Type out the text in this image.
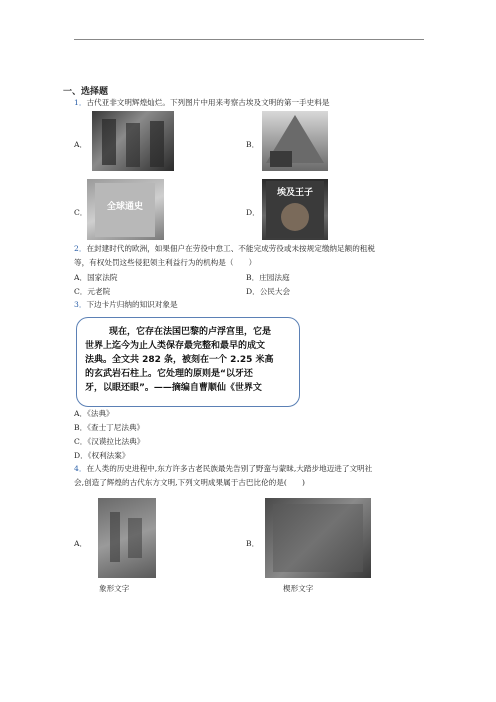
一、选择题
1．古代亚非文明辉煌灿烂。下列图片中用来考察古埃及文明的第一手史料是
A．	B．
C．
全球通史
D．
埃及王子
2．在封建时代的欧洲，如果佃户在劳役中怠工、不能完成劳役或未按规定缴纳足额的租税
等，有权处罚这些侵犯领主利益行为的机构是（　　）
A．国家法院	B．庄园法庭
C．元老院	D．公民大会
3．下边卡片归纳的知识对象是
现在，它存在法国巴黎的卢浮宫里，它是
世界上迄今为止人类保存最完整和最早的成文
法典。全文共 282 条，被刻在一个 2.25 米高
的玄武岩石柱上。它处理的原则是“以牙还
牙，以眼还眼”。——摘编自曹顺仙《世界文
A．《法典》
B．《查士丁尼法典》
C．《汉谟拉比法典》
D．《权利法案》
4．在人类的历史进程中,东方许多古老民族最先告别了野蛮与蒙昧,大踏步地迈进了文明社
会,创造了辉煌的古代东方文明,下列文明成果属于古巴比伦的是(　　)
A．
象形文字
B．
楔形文字
